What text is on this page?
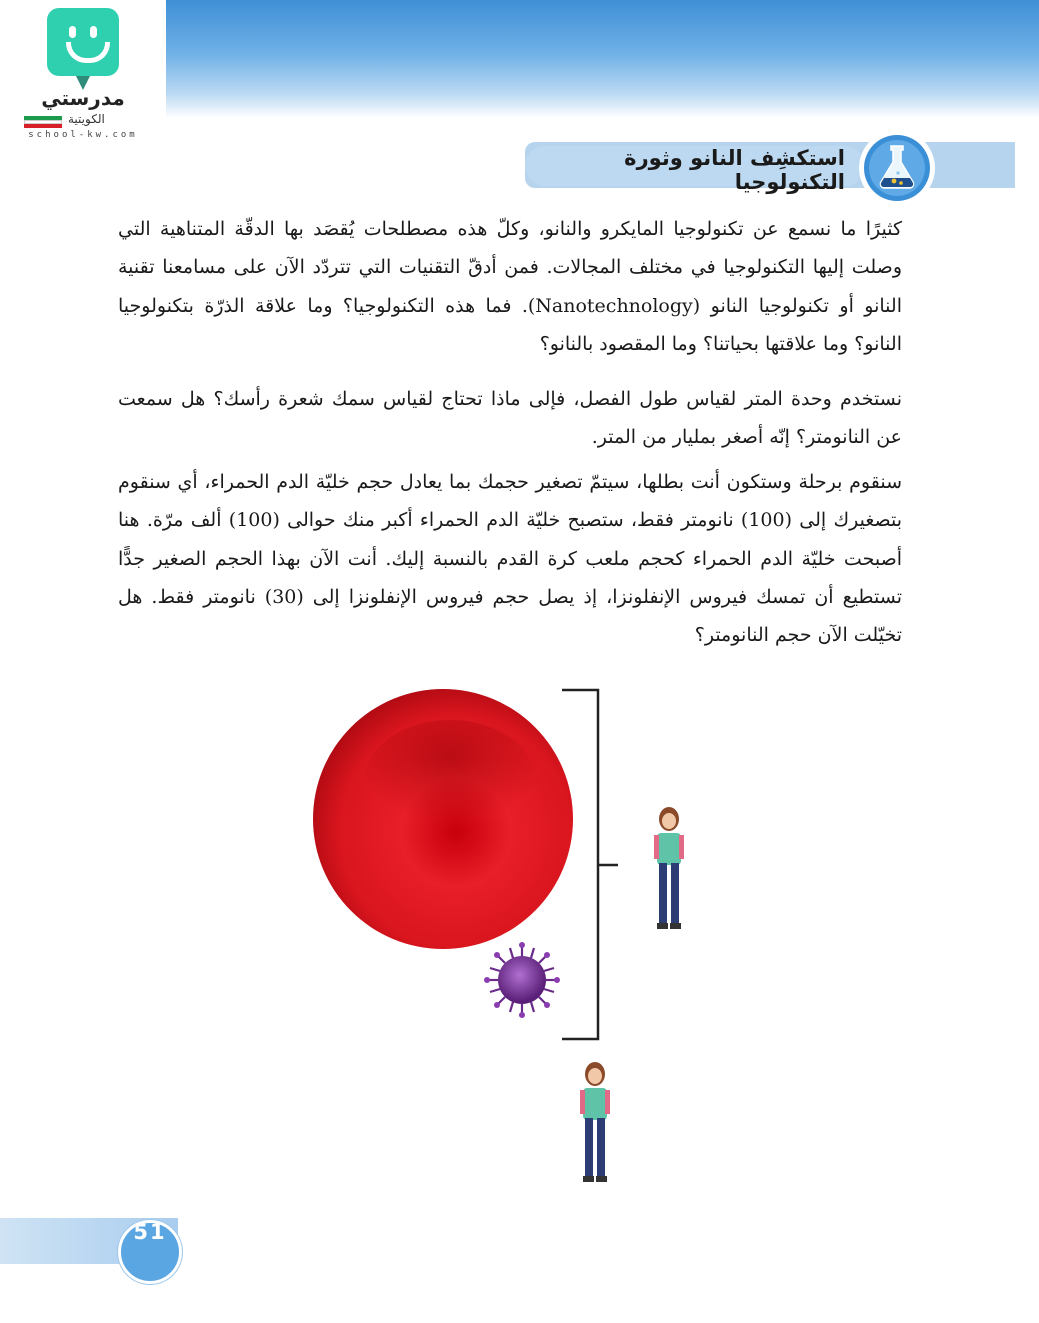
مدرستي
الكويتية
school-kw.com
استكشِف النانو وثورة التكنولوجيا

كثيرًا ما نسمع عن تكنولوجيا المايكرو والنانو، وكلّ هذه مصطلحات يُقصَد بها الدقّة المتناهية التي وصلت إليها التكنولوجيا في مختلف المجالات. فمن أدقّ التقنيات التي تتردّد الآن على مسامعنا تقنية النانو أو تكنولوجيا النانو (Nanotechnology). فما هذه التكنولوجيا؟ وما علاقة الذرّة بتكنولوجيا النانو؟ وما علاقتها بحياتنا؟ وما المقصود بالنانو؟

نستخدم وحدة المتر لقياس طول الفصل، فإلى ماذا تحتاج لقياس سمك شعرة رأسك؟ هل سمعت عن النانومتر؟ إنّه أصغر بمليار من المتر.

سنقوم برحلة وستكون أنت بطلها، سيتمّ تصغير حجمك بما يعادل حجم خليّة الدم الحمراء، أي سنقوم بتصغيرك إلى (100) نانومتر فقط، ستصبح خليّة الدم الحمراء أكبر منك حوالى (100) ألف مرّة. هنا أصبحت خليّة الدم الحمراء كحجم ملعب كرة القدم بالنسبة إليك. أنت الآن بهذا الحجم الصغير جدًّا تستطيع أن تمسك فيروس الإنفلونزا، إذ يصل حجم فيروس الإنفلونزا إلى (30) نانومتر فقط. هل تخيّلت الآن حجم النانومتر؟

51
